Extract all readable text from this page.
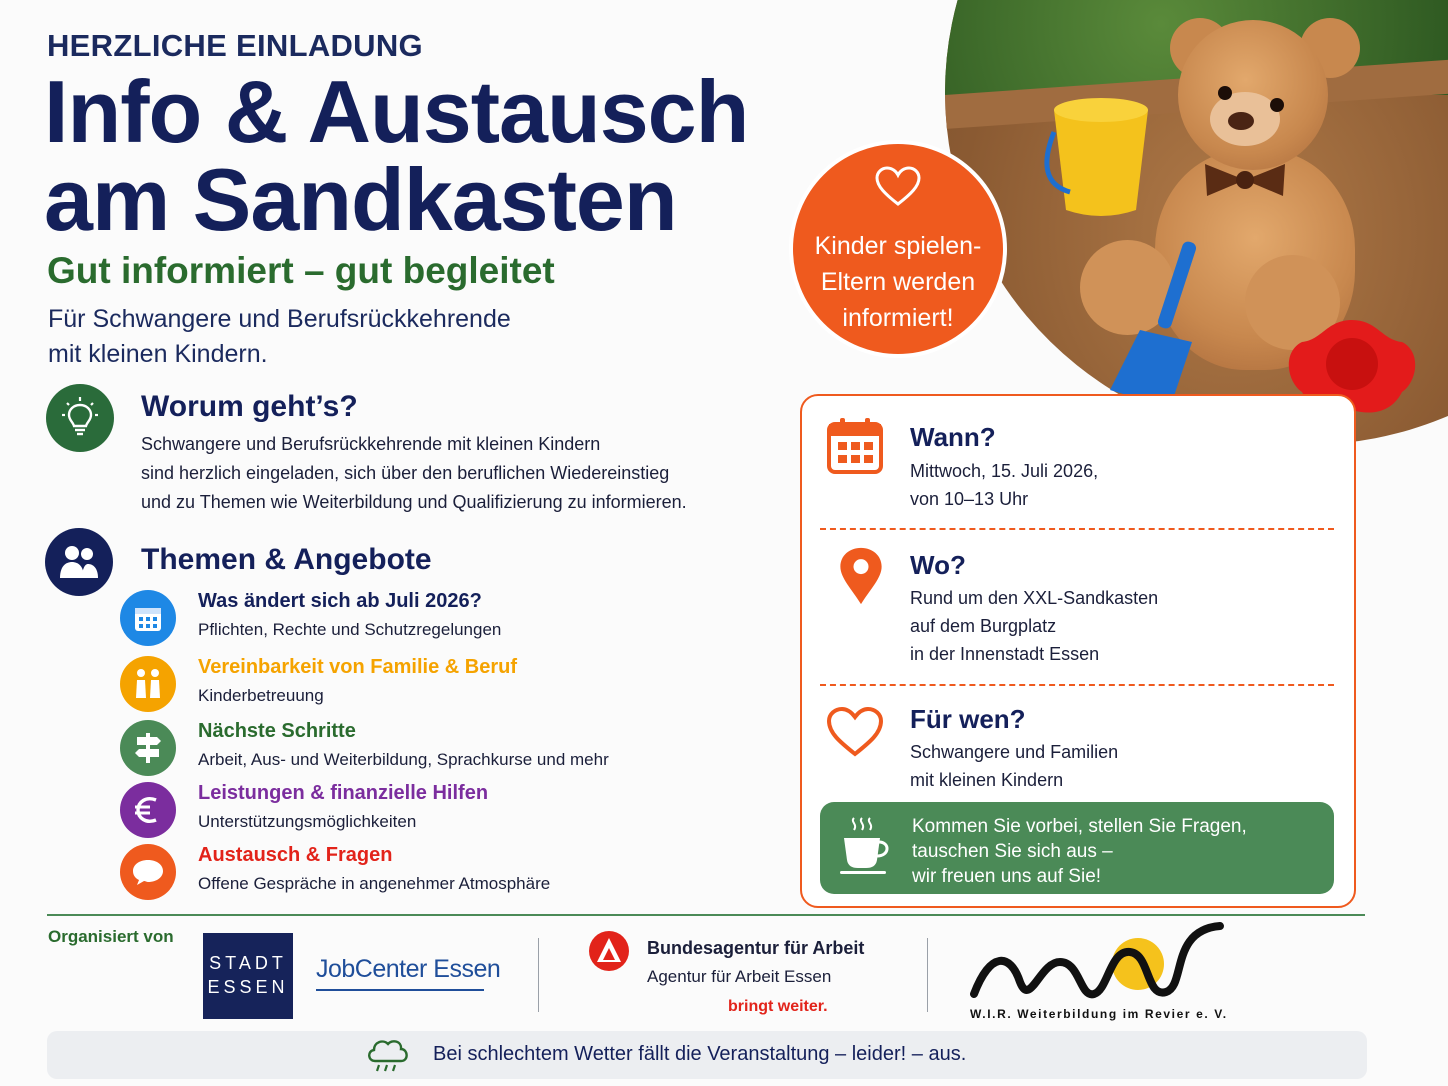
Kinder spielen-
Eltern werden
informiert!
HERZLICHE EINLADUNG
Info & Austausch
am Sandkasten
Gut informiert – gut begleitet
Für Schwangere und Berufsrückkehrende
mit kleinen Kindern.
Worum geht’s?
Schwangere und Berufsrückkehrende mit kleinen Kindern
sind herzlich eingeladen, sich über den beruflichen Wiedereinstieg
und zu Themen wie Weiterbildung und Qualifizierung zu informieren.
Themen & Angebote
Was ändert sich ab Juli 2026?
Pflichten, Rechte und Schutzregelungen
Vereinbarkeit von Familie & Beruf
Kinderbetreuung
Nächste Schritte
Arbeit, Aus- und Weiterbildung, Sprachkurse und mehr
Leistungen & finanzielle Hilfen
Unterstützungsmöglichkeiten
Austausch & Fragen
Offene Gespräche in angenehmer Atmosphäre
Wann?
Mittwoch, 15. Juli 2026,
von 10–13 Uhr
Wo?
Rund um den XXL-Sandkasten
auf dem Burgplatz
in der Innenstadt Essen
Für wen?
Schwangere und Familien
mit kleinen Kindern
Kommen Sie vorbei, stellen Sie Fragen,
tauschen Sie sich aus –
wir freuen uns auf Sie!
Organisiert von
STADT
ESSEN
JobCenter Essen
Bundesagentur für Arbeit
Agentur für Arbeit Essen
bringt weiter.	W.I.R. Weiterbildung im Revier e. V.
Bei schlechtem Wetter fällt die Veranstaltung – leider! – aus.
